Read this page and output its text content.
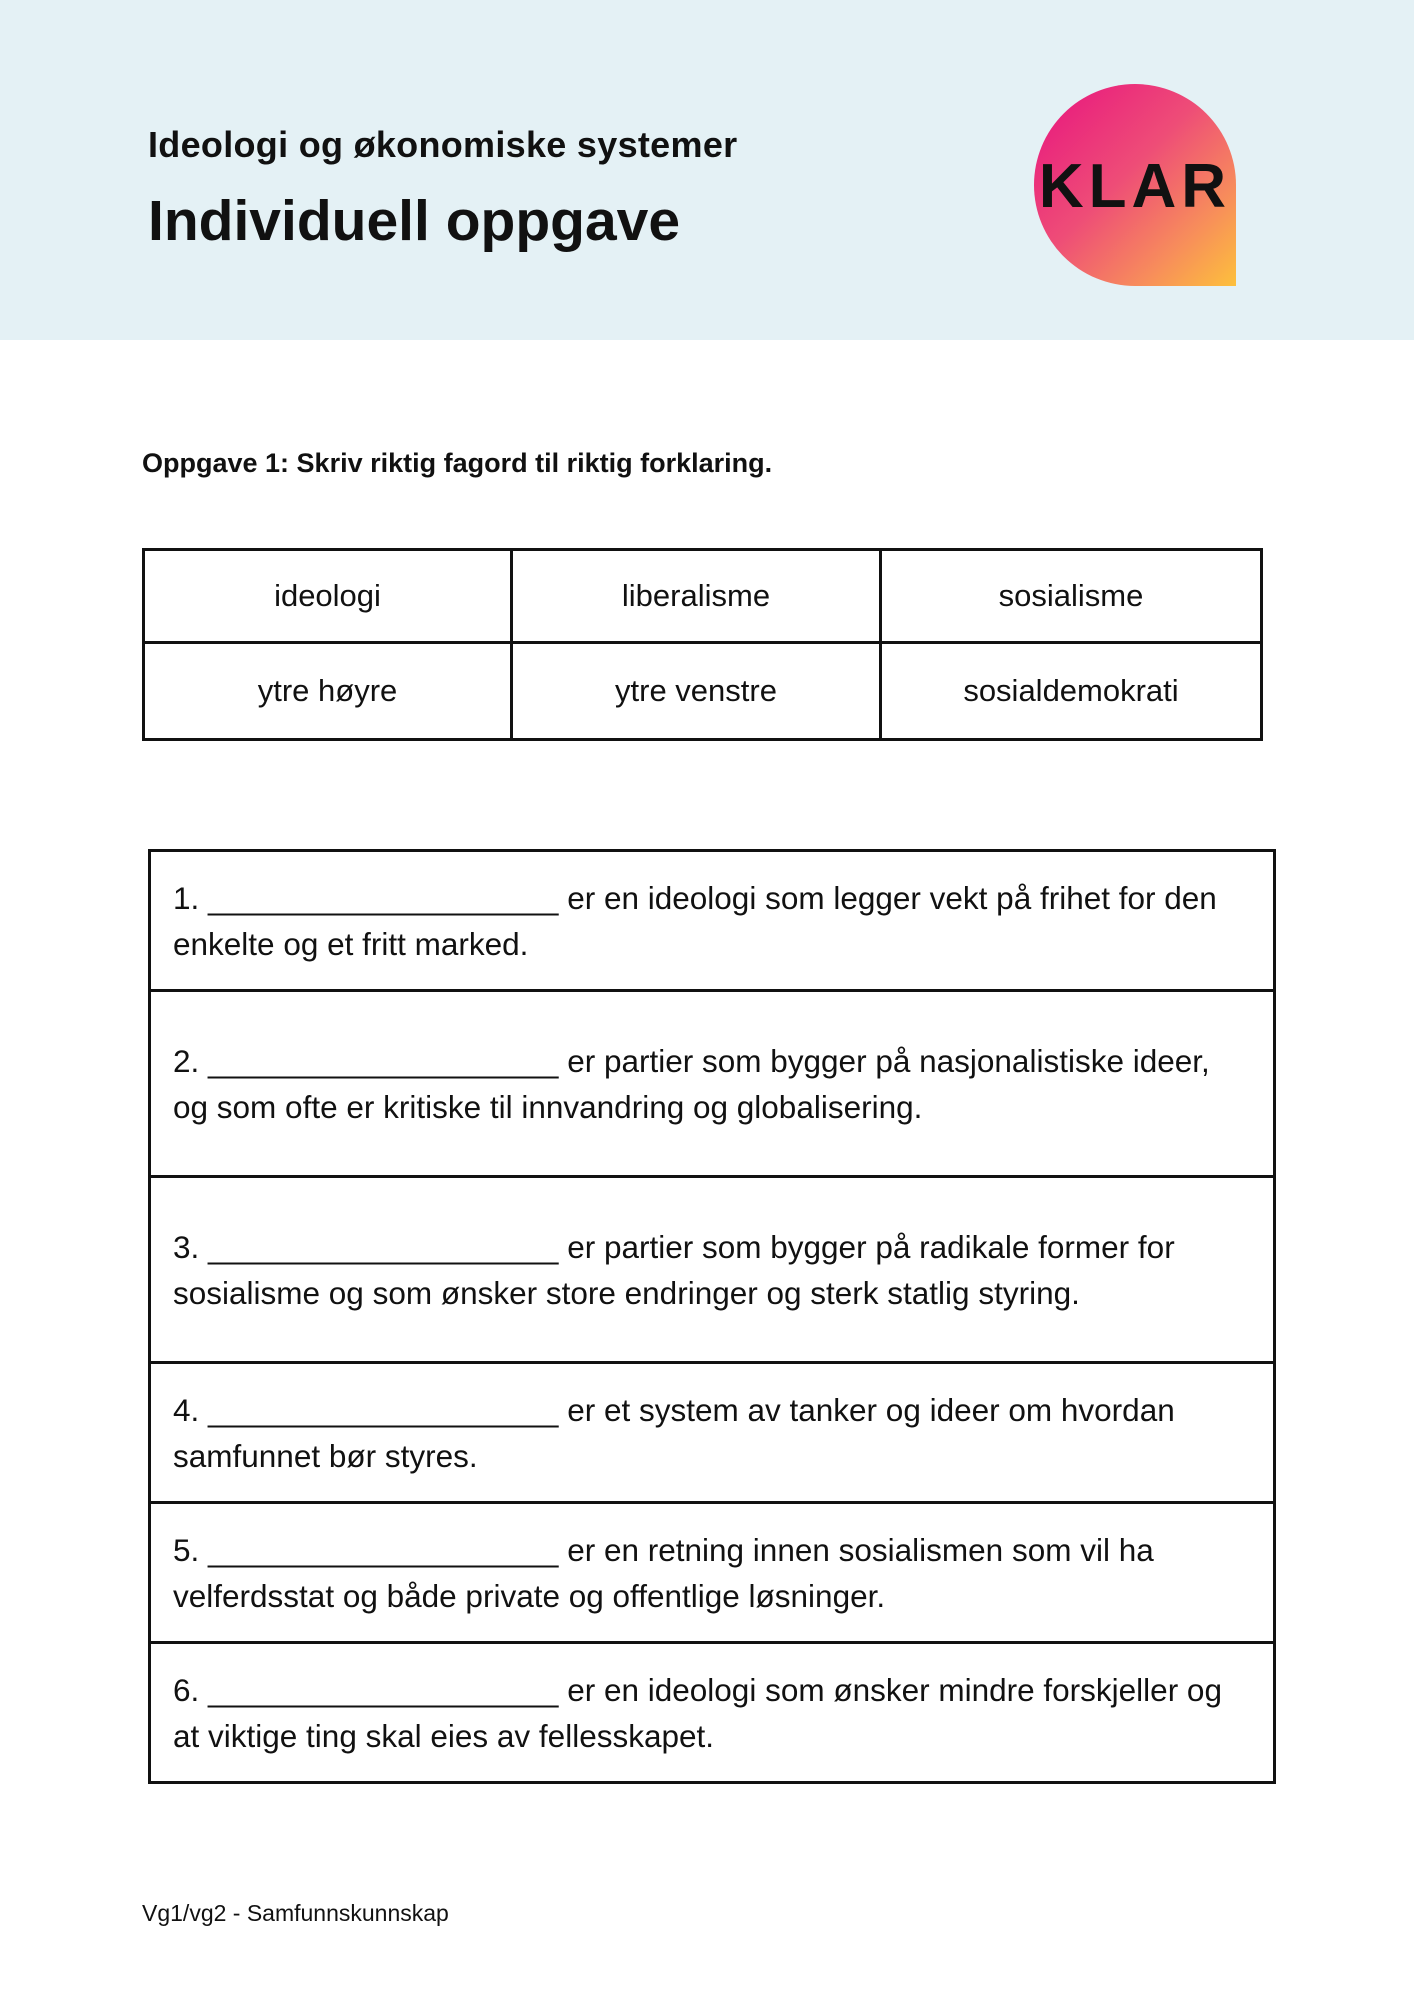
Ideologi og økonomiske systemer
Individuell oppgave
KLAR
Oppgave 1: Skriv riktig fagord til riktig forklaring.
ideologi	liberalisme	sosialisme
ytre høyre	ytre venstre	sosialdemokrati
1. ____________________ er en ideologi som legger vekt på frihet for den enkelte og et fritt marked.
2. ____________________ er partier som bygger på nasjonalistiske ideer, og som ofte er kritiske til innvandring og globalisering.
3. ____________________ er partier som bygger på radikale former for sosialisme og som ønsker store endringer og sterk statlig styring.
4. ____________________ er et system av tanker og ideer om hvordan samfunnet bør styres.
5. ____________________ er en retning innen sosialismen som vil ha velferdsstat og både private og offentlige løsninger.
6. ____________________ er en ideologi som ønsker mindre forskjeller og at viktige ting skal eies av fellesskapet.
Vg1/vg2 - Samfunnskunnskap
